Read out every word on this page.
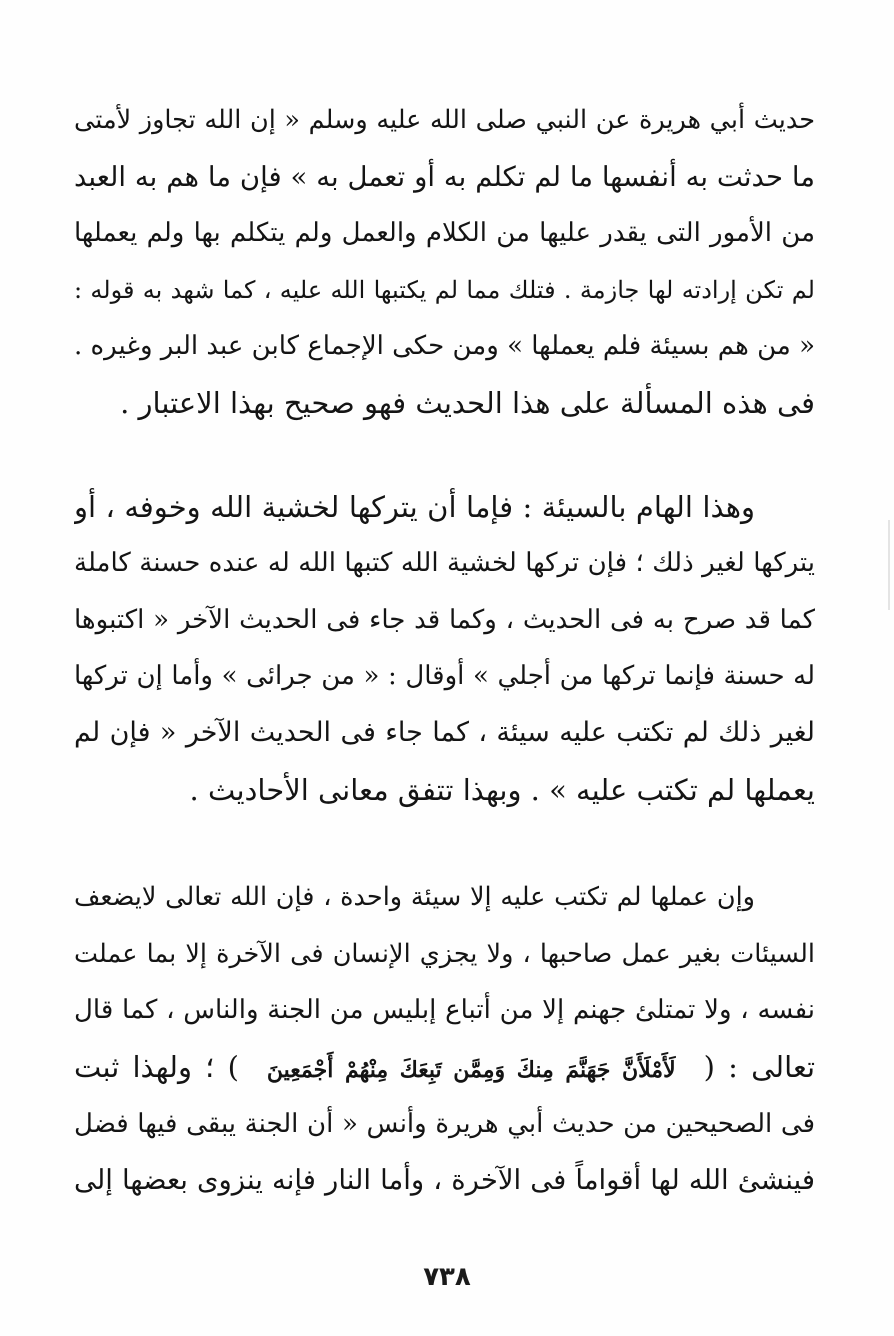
حديث أبي هريرة عن النبي صلى الله عليه وسلم « إن الله تجاوز لأمتى
ما حدثت به أنفسها ما لم تكلم به أو تعمل به » فإن ما هم به العبد
من الأمور التى يقدر عليها من الكلام والعمل ولم يتكلم بها ولم يعملها
لم تكن إرادته لها جازمة . فتلك مما لم يكتبها الله عليه ، كما شهد به قوله :
« من هم بسيئة فلم يعملها » ومن حكى الإجماع كابن عبد البر وغيره .
فى هذه المسألة على هذا الحديث فهو صحيح بهذا الاعتبار .
وهذا الهام بالسيئة : فإما أن يتركها لخشية الله وخوفه ، أو
يتركها لغير ذلك ؛ فإن تركها لخشية الله كتبها الله له عنده حسنة كاملة
كما قد صرح به فى الحديث ، وكما قد جاء فى الحديث الآخر « اكتبوها
له حسنة فإنما تركها من أجلي » أوقال : « من جرائى » وأما إن تركها
لغير ذلك لم تكتب عليه سيئة ، كما جاء فى الحديث الآخر « فإن لم
يعملها لم تكتب عليه » . وبهذا تتفق معانى الأحاديث .
وإن عملها لم تكتب عليه إلا سيئة واحدة ، فإن الله تعالى لايضعف
السيئات بغير عمل صاحبها ، ولا يجزي الإنسان فى الآخرة إلا بما عملت
نفسه ، ولا تمتلئ جهنم إلا من أتباع إبليس من الجنة والناس ، كما قال
تعالى : (لَأَمْلَأَنَّ جَهَنَّمَ مِنكَ وَمِمَّن تَبِعَكَ مِنْهُمْ أَجْمَعِينَ) ؛ ولهذا ثبت
فى الصحيحين من حديث أبي هريرة وأنس « أن الجنة يبقى فيها فضل
فينشئ الله لها أقواماً فى الآخرة ، وأما النار فإنه ينزوى بعضها إلى
٧٣٨
